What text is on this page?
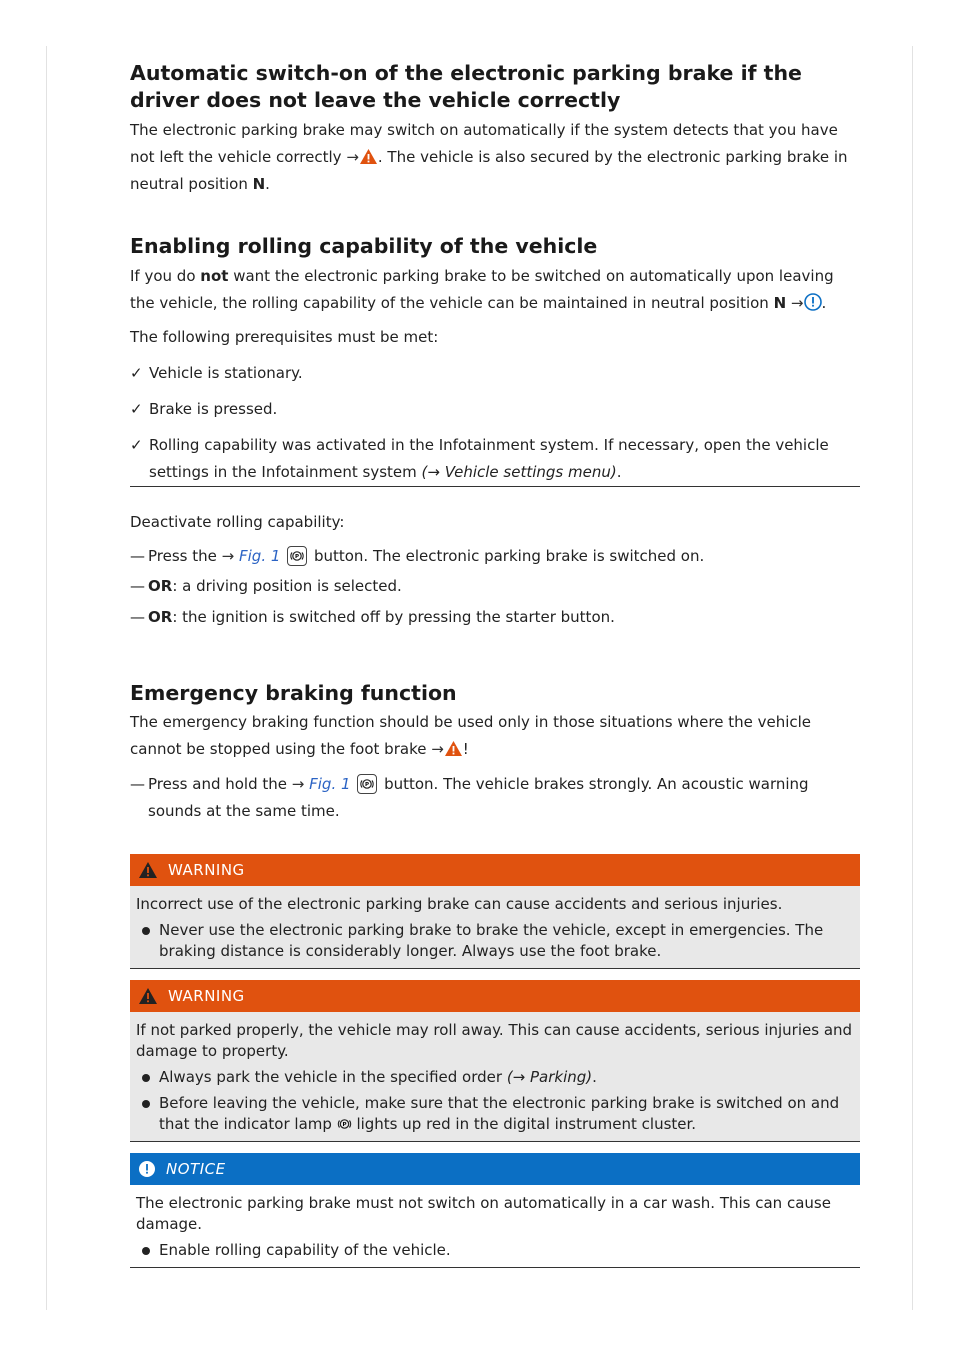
Automatic switch-on of the electronic parking brake if the driver does not leave the vehicle correctly

The electronic parking brake may switch on automatically if the system detects that you have not left the vehicle correctly → . The vehicle is also secured by the electronic parking brake in neutral position N.

Enabling rolling capability of the vehicle

If you do not want the electronic parking brake to be switched on automatically upon leaving the vehicle, the rolling capability of the vehicle can be maintained in neutral position N → .

The following prerequisites must be met:

✓ Vehicle is stationary.

✓ Brake is pressed.

✓ Rolling capability was activated in the Infotainment system. If necessary, open the vehicle settings in the Infotainment system (→ Vehicle settings menu).

Deactivate rolling capability:

— Press the → Fig. 1	P button. The electronic parking brake is switched on.

— OR: a driving position is selected.

— OR: the ignition is switched off by pressing the starter button.

Emergency braking function

The emergency braking function should be used only in those situations where the vehicle cannot be stopped using the foot brake → !

— Press and hold the → Fig. 1	P button. The vehicle brakes strongly. An acoustic warning sounds at the same time.

WARNING
Incorrect use of the electronic parking brake can cause accidents and serious injuries.
Never use the electronic parking brake to brake the vehicle, except in emergencies. The braking distance is considerably longer. Always use the foot brake.
WARNING
If not parked properly, the vehicle may roll away. This can cause accidents, serious injuries and damage to property.
Always park the vehicle in the specified order (→ Parking).
Before leaving the vehicle, make sure that the electronic parking brake is switched on and that the indicator lamp P lights up red in the digital instrument cluster.
NOTICE
The electronic parking brake must not switch on automatically in a car wash. This can cause damage.
Enable rolling capability of the vehicle.
